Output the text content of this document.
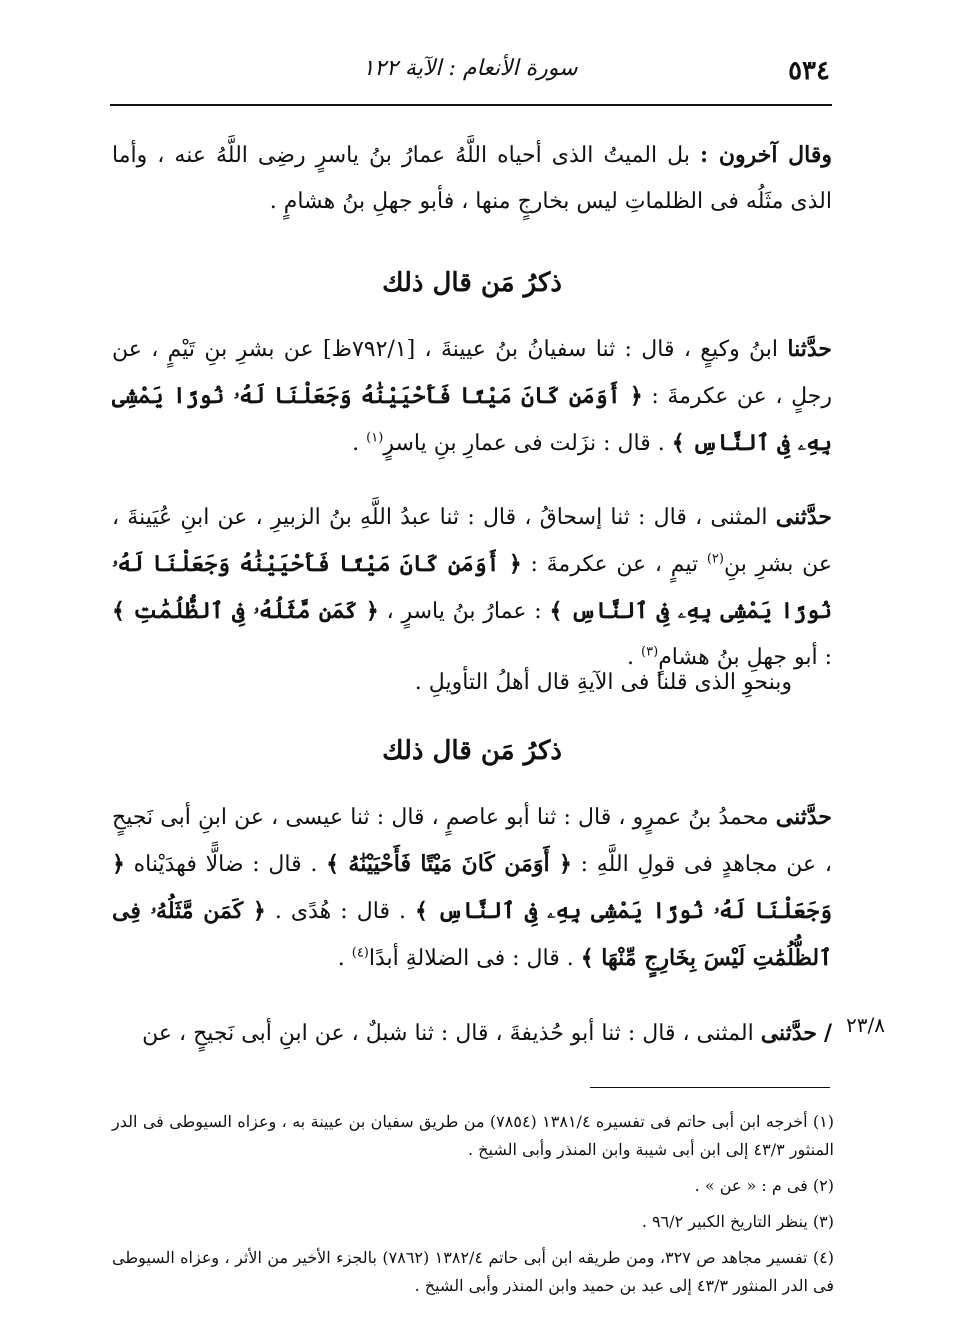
٥٣٤
سورة الأنعام : الآية ١٢٢
وقال آخرون : بل الميتُ الذى أحياه اللَّهُ عمارُ بنُ ياسرٍ رضِى اللَّهُ عنه ، وأما الذى مثَلُه فى الظلماتِ ليس بخارجٍ منها ، فأبو جهلِ بنُ هشامٍ .
ذكرُ مَن قال ذلك
حدَّثنا ابنُ وكيعٍ ، قال : ثنا سفيانُ بنُ عيينةَ ، [٧٩٢/١ظ] عن بشرِ بنِ تَيْمٍ ، عن رجلٍ ، عن عكرمةَ : ﴿ أَوَمَن كَانَ مَيْتًا فَأَحْيَيْنَٰهُ وَجَعَلْنَا لَهُۥ نُورًا يَمْشِى بِهِۦ فِى ٱلنَّاسِ ﴾ . قال : نزَلت فى عمارِ بنِ ياسرٍ$^{(١)}$ .
حدَّثنى المثنى ، قال : ثنا إسحاقُ ، قال : ثنا عبدُ اللَّهِ بنُ الزبيرِ ، عن ابنِ عُيَينةَ ، عن بشرِ بنِ$^{(٢)}$ تيمٍ ، عن عكرمةَ : ﴿ أَوَمَن كَانَ مَيْتًا فَأَحْيَيْنَٰهُ وَجَعَلْنَا لَهُۥ نُورًا يَمْشِى بِهِۦ فِى ٱلنَّاسِ ﴾ : عمارُ بنُ ياسرٍ ، ﴿ كَمَن مَّثَلُهُۥ فِى ٱلظُّلُمَٰتِ ﴾ : أبو جهلِ بنُ هشامٍ$^{(٣)}$ .
وبنحوِ الذى قلنا فى الآيةِ قال أهلُ التأويلِ .
ذكرُ مَن قال ذلك
حدَّثنى محمدُ بنُ عمرٍو ، قال : ثنا أبو عاصمٍ ، قال : ثنا عيسى ، عن ابنِ أبى نَجيحٍ ، عن مجاهدٍ فى قولِ اللَّهِ : ﴿ أَوَمَن كَانَ مَيْتًا فَأَحْيَيْنَٰهُ ﴾ . قال : ضالًّا فهدَيْناه ﴿ وَجَعَلْنَا لَهُۥ نُورًا يَمْشِى بِهِۦ فِى ٱلنَّاسِ ﴾ . قال : هُدًى . ﴿ كَمَن مَّثَلُهُۥ فِى ٱلظُّلُمَٰتِ لَيْسَ بِخَارِجٍ مِّنْهَا ﴾ . قال : فى الضلالةِ أبدًا$^{(٤)}$ .
/ حدَّثنى المثنى ، قال : ثنا أبو حُذيفةَ ، قال : ثنا شبلٌ ، عن ابنِ أبى نَجيحٍ ، عن	٢٣/٨

(١) أخرجه ابن أبى حاتم فى تفسيره ١٣٨١/٤ (٧٨٥٤) من طريق سفيان بن عيينة به ، وعزاه السيوطى فى الدر المنثور ٤٣/٣ إلى ابن أبى شيبة وابن المنذر وأبى الشيخ .

(٢) فى م : « عن » .

(٣) ينظر التاريخ الكبير ٩٦/٢ .

(٤) تفسير مجاهد ص ٣٢٧، ومن طريقه ابن أبى حاتم ١٣٨٢/٤ (٧٨٦٢) بالجزء الأخير من الأثر ، وعزاه السيوطى فى الدر المنثور ٤٣/٣ إلى عبد بن حميد وابن المنذر وأبى الشيخ .
